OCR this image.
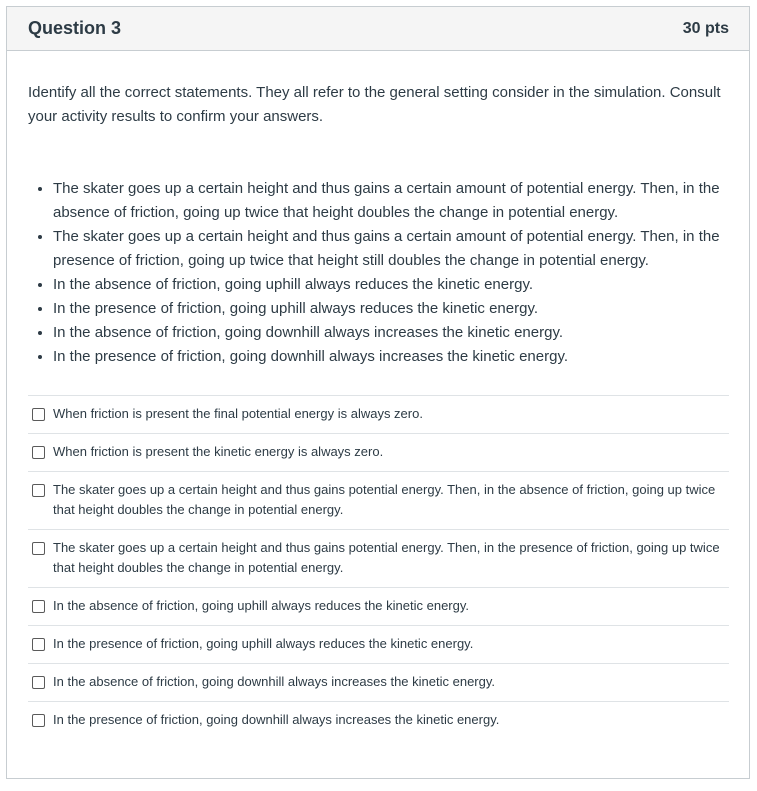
Question 3	30 pts

Identify all the correct statements. They all refer to the general setting consider in the simulation. Consult your activity results to confirm your answers.

• The skater goes up a certain height and thus gains a certain amount of potential energy. Then, in the absence of friction, going up twice that height doubles the change in potential energy.
• The skater goes up a certain height and thus gains a certain amount of potential energy. Then, in the presence of friction, going up twice that height still doubles the change in potential energy.
• In the absence of friction, going uphill always reduces the kinetic energy.
• In the presence of friction, going uphill always reduces the kinetic energy.
• In the absence of friction, going downhill always increases the kinetic energy.
• In the presence of friction, going downhill always increases the kinetic energy.
When friction is present the final potential energy is always zero.
When friction is present the kinetic energy is always zero.
The skater goes up a certain height and thus gains potential energy. Then, in the absence of friction, going up twice that height doubles the change in potential energy.
The skater goes up a certain height and thus gains potential energy. Then, in the presence of friction, going up twice that height doubles the change in potential energy.
In the absence of friction, going uphill always reduces the kinetic energy.
In the presence of friction, going uphill always reduces the kinetic energy.
In the absence of friction, going downhill always increases the kinetic energy.
In the presence of friction, going downhill always increases the kinetic energy.
